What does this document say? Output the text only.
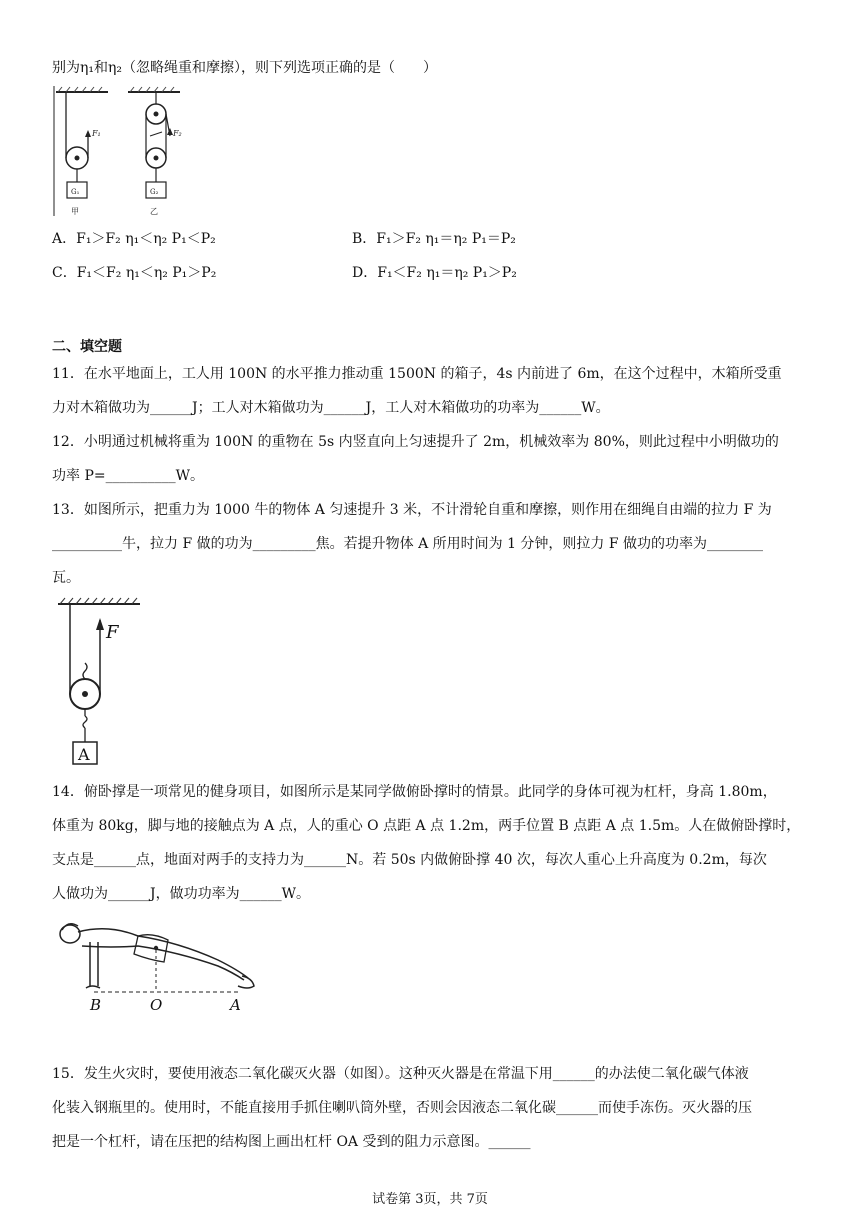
别为η₁和η₂（忽略绳重和摩擦），则下列选项正确的是（　　）
F₁
G₁
甲
F₂
G₂
乙
A．F₁＞F₂ η₁＜η₂ P₁＜P₂	B．F₁＞F₂ η₁＝η₂ P₁＝P₂
C．F₁＜F₂ η₁＜η₂ P₁＞P₂	D．F₁＜F₂ η₁＝η₂ P₁＞P₂
二、填空题
11．在水平地面上，工人用 100N 的水平推力推动重 1500N 的箱子，4s 内前进了 6m，在这个过程中，木箱所受重
力对木箱做功为______J；工人对木箱做功为______J，工人对木箱做功的功率为______W。
12．小明通过机械将重为 100N 的重物在 5s 内竖直向上匀速提升了 2m，机械效率为 80%，则此过程中小明做功的
功率 P=__________W。
13．如图所示，把重力为 1000 牛的物体 A 匀速提升 3 米，不计滑轮自重和摩擦，则作用在细绳自由端的拉力 F 为
__________牛，拉力 F 做的功为_________焦。若提升物体 A 所用时间为 1 分钟，则拉力 F 做功的功率为________
瓦。
F
A
14．俯卧撑是一项常见的健身项目，如图所示是某同学做俯卧撑时的情景。此同学的身体可视为杠杆，身高 1.80m，
体重为 80kg，脚与地的接触点为 A 点，人的重心 O 点距 A 点 1.2m，两手位置 B 点距 A 点 1.5m。人在做俯卧撑时，
支点是______点，地面对两手的支持力为______N。若 50s 内做俯卧撑 40 次，每次人重心上升高度为 0.2m，每次
人做功为______J，做功功率为______W。
B	O	A
15．发生火灾时，要使用液态二氧化碳灭火器（如图）。这种灭火器是在常温下用______的办法使二氧化碳气体液
化装入钢瓶里的。使用时，不能直接用手抓住喇叭筒外壁，否则会因液态二氧化碳______而使手冻伤。灭火器的压
把是一个杠杆，请在压把的结构图上画出杠杆 OA 受到的阻力示意图。______
试卷第 3页，共 7页
